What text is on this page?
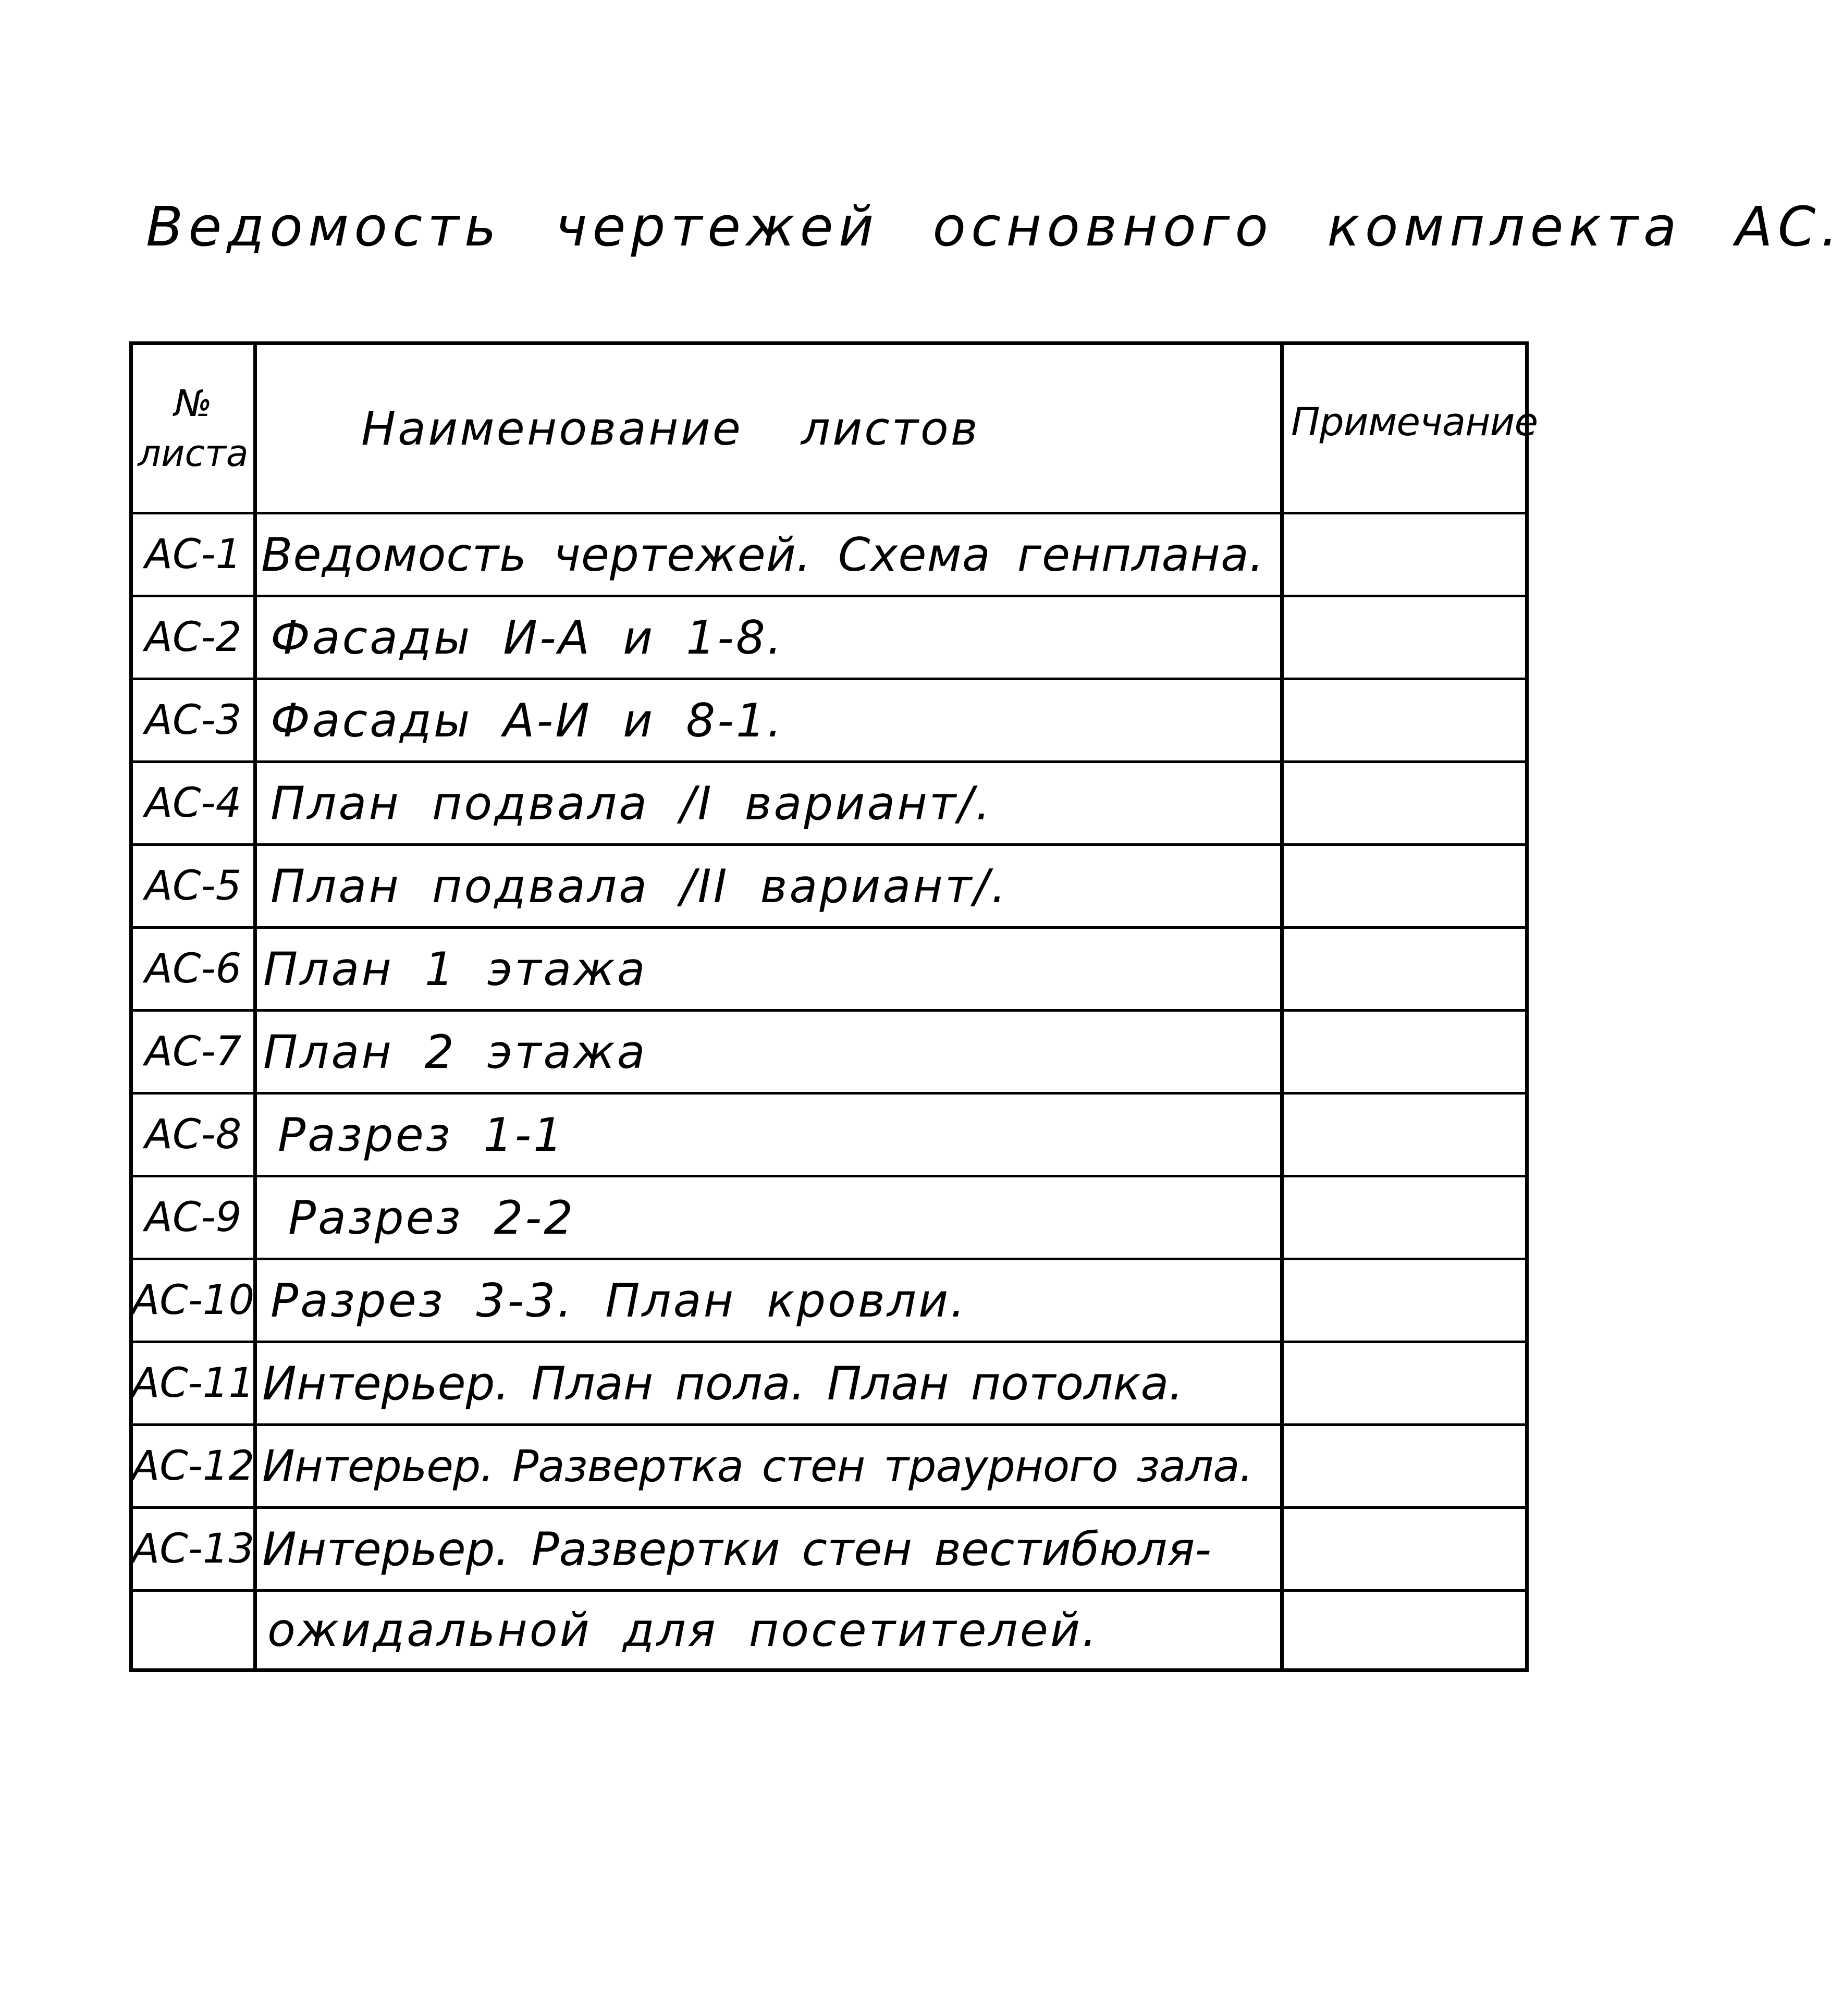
Ведомость чертежей основного комплекта АС.
№
листа	Наименование листов	Примечание
АС-1 Ведомость чертежей. Схема генплана.
АС-2 Фасады И-А и 1-8.
АС-3 Фасады А-И и 8-1.
АС-4 План подвала /I вариант/.
АС-5 План подвала /II вариант/.
АС-6 План 1 этажа
АС-7 План 2 этажа
АС-8 Разрез 1-1
АС-9	Разрез 2-2
АС-10 Разрез 3-3. План кровли.
АС-11 Интерьер. План пола. План потолка.
АС-12 Интерьер. Развертка стен траурного зала.
АС-13 Интерьер. Развертки стен вестибюля-
ожидальной для посетителей.
